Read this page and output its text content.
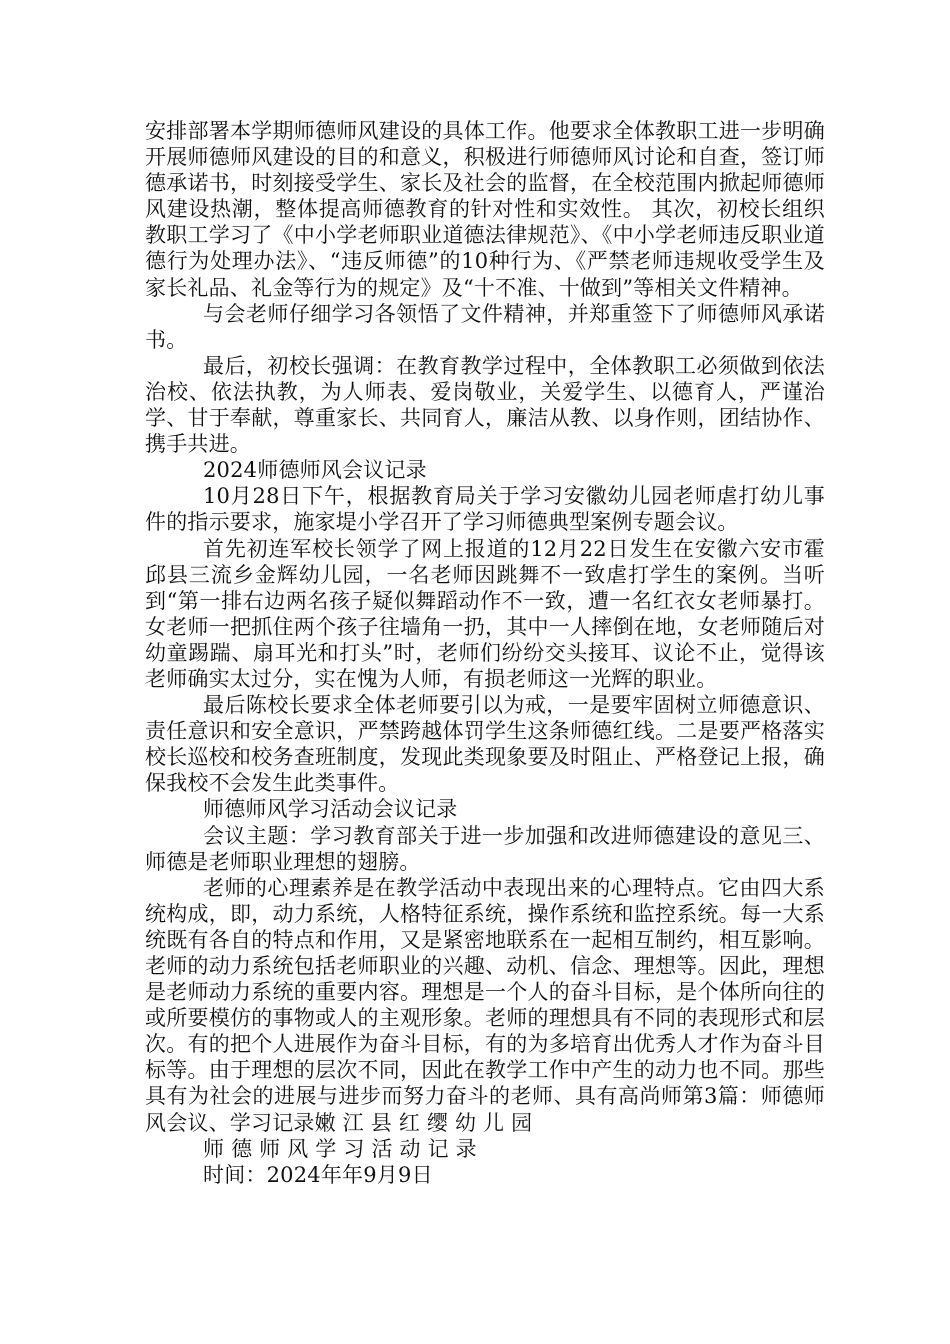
安排部署本学期师德师风建设的具体工作。他要求全体教职工进一步明确开展师德师风建设的目的和意义，积极进行师德师风讨论和自查，签订师德承诺书，时刻接受学生、家长及社会的监督，在全校范围内掀起师德师风建设热潮，整体提高师德教育的针对性和实效性。 其次，初校长组织教职工学习了《中小学老师职业道德法律规范》、《中小学老师违反职业道德行为处理办法》、“违反师德”的10种行为、《严禁老师违规收受学生及家长礼品、礼金等行为的规定》及“十不准、十做到”等相关文件精神。

与会老师仔细学习各领悟了文件精神，并郑重签下了师德师风承诺书。

最后，初校长强调：在教育教学过程中，全体教职工必须做到依法治校、依法执教，为人师表、爱岗敬业，关爱学生、以德育人，严谨治学、甘于奉献，尊重家长、共同育人，廉洁从教、以身作则，团结协作、携手共进。

2024师德师风会议记录

10月28日下午，根据教育局关于学习安徽幼儿园老师虐打幼儿事件的指示要求，施家堤小学召开了学习师德典型案例专题会议。

首先初连军校长领学了网上报道的12月22日发生在安徽六安市霍邱县三流乡金辉幼儿园，一名老师因跳舞不一致虐打学生的案例。当听到“第一排右边两名孩子疑似舞蹈动作不一致，遭一名红衣女老师暴打。女老师一把抓住两个孩子往墙角一扔，其中一人摔倒在地，女老师随后对幼童踢踹、扇耳光和打头”时，老师们纷纷交头接耳、议论不止，觉得该老师确实太过分，实在愧为人师，有损老师这一光辉的职业。

最后陈校长要求全体老师要引以为戒，一是要牢固树立师德意识、责任意识和安全意识，严禁跨越体罚学生这条师德红线。二是要严格落实校长巡校和校务查班制度，发现此类现象要及时阻止、严格登记上报，确保我校不会发生此类事件。

师德师风学习活动会议记录

会议主题：学习教育部关于进一步加强和改进师德建设的意见三、师德是老师职业理想的翅膀。

老师的心理素养是在教学活动中表现出来的心理特点。它由四大系统构成，即，动力系统，人格特征系统，操作系统和监控系统。每一大系统既有各自的特点和作用，又是紧密地联系在一起相互制约，相互影响。老师的动力系统包括老师职业的兴趣、动机、信念、理想等。因此，理想是老师动力系统的重要内容。理想是一个人的奋斗目标，是个体所向往的或所要模仿的事物或人的主观形象。老师的理想具有不同的表现形式和层次。有的把个人进展作为奋斗目标，有的为多培育出优秀人才作为奋斗目标等。由于理想的层次不同，因此在教学工作中产生的动力也不同。那些具有为社会的进展与进步而努力奋斗的老师、具有高尚师第3篇：师德师风会议、学习记录嫩 江 县 红 缨 幼 儿 园

师 德 师 风 学 习 活 动 记 录

时间：2024年年9月9日
